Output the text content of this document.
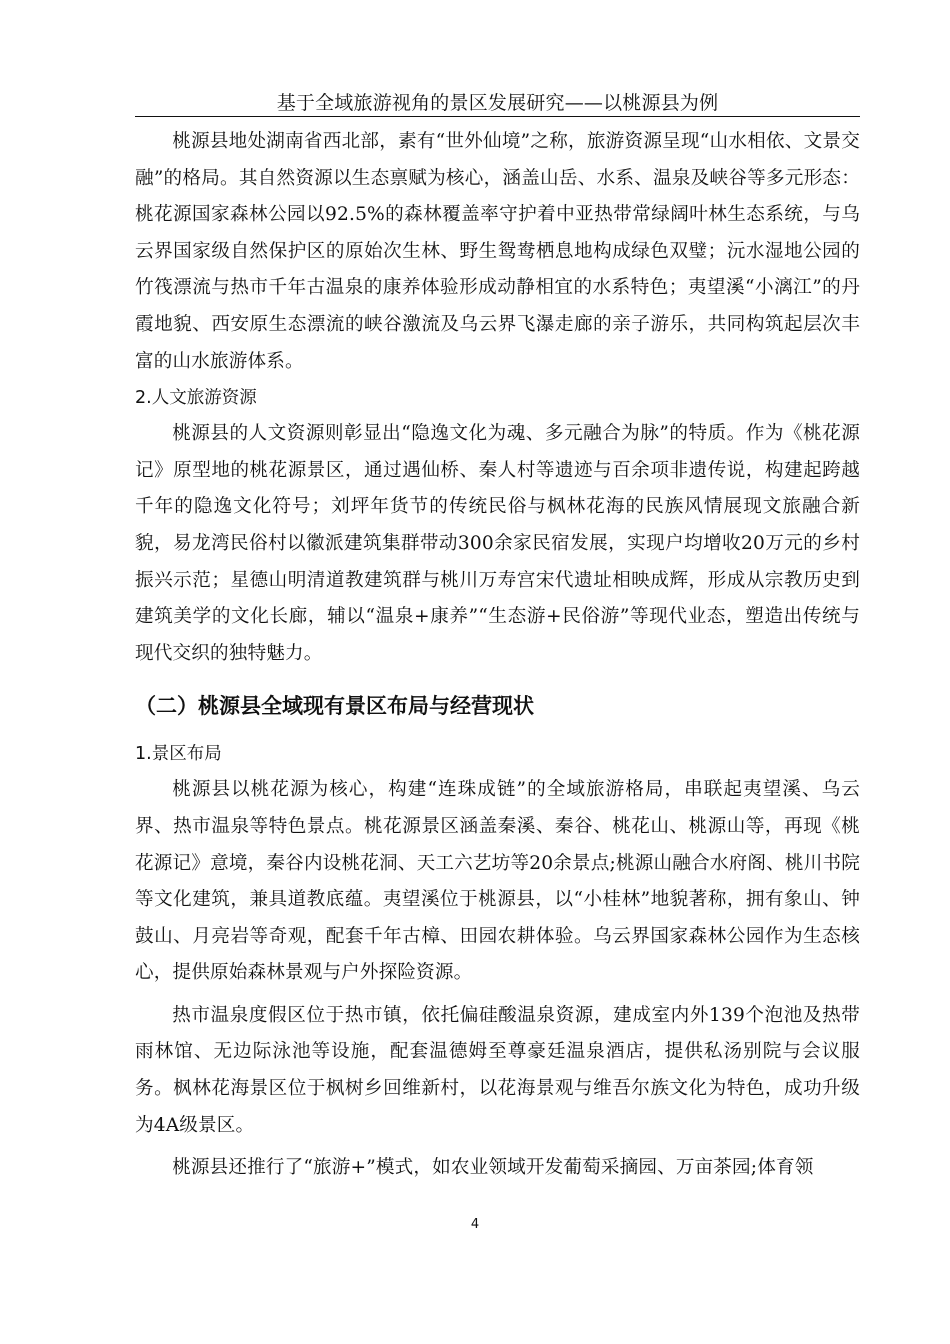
基于全域旅游视角的景区发展研究——以桃源县为例

桃源县地处湖南省西北部，素有“世外仙境”之称，旅游资源呈现“山水相依、文景交融”的格局。其自然资源以生态禀赋为核心，涵盖山岳、水系、温泉及峡谷等多元形态：桃花源国家森林公园以92.5%的森林覆盖率守护着中亚热带常绿阔叶林生态系统，与乌云界国家级自然保护区的原始次生林、野生鸳鸯栖息地构成绿色双璧；沅水湿地公园的竹筏漂流与热市千年古温泉的康养体验形成动静相宜的水系特色；夷望溪“小漓江”的丹霞地貌、西安原生态漂流的峡谷激流及乌云界飞瀑走廊的亲子游乐，共同构筑起层次丰富的山水旅游体系。

2.人文旅游资源

桃源县的人文资源则彰显出“隐逸文化为魂、多元融合为脉”的特质。作为《桃花源记》原型地的桃花源景区，通过遇仙桥、秦人村等遗迹与百余项非遗传说，构建起跨越千年的隐逸文化符号；刘坪年货节的传统民俗与枫林花海的民族风情展现文旅融合新貌，易龙湾民俗村以徽派建筑集群带动300余家民宿发展，实现户均增收20万元的乡村振兴示范；星德山明清道教建筑群与桃川万寿宫宋代遗址相映成辉，形成从宗教历史到建筑美学的文化长廊，辅以“温泉+康养”“生态游+民俗游”等现代业态，塑造出传统与现代交织的独特魅力。

（二）桃源县全域现有景区布局与经营现状
1.景区布局

桃源县以桃花源为核心，构建“连珠成链”的全域旅游格局，串联起夷望溪、乌云界、热市温泉等特色景点。桃花源景区涵盖秦溪、秦谷、桃花山、桃源山等，再现《桃花源记》意境，秦谷内设桃花洞、天工六艺坊等20余景点;桃源山融合水府阁、桃川书院等文化建筑，兼具道教底蕴。夷望溪位于桃源县，以“小桂林”地貌著称，拥有象山、钟鼓山、月亮岩等奇观，配套千年古樟、田园农耕体验。乌云界国家森林公园作为生态核心，提供原始森林景观与户外探险资源。

热市温泉度假区位于热市镇，依托偏硅酸温泉资源，建成室内外139个泡池及热带雨林馆、无边际泳池等设施，配套温德姆至尊豪廷温泉酒店，提供私汤别院与会议服务。枫林花海景区位于枫树乡回维新村，以花海景观与维吾尔族文化为特色，成功升级为4A级景区。

桃源县还推行了“旅游+”模式，如农业领域开发葡萄采摘园、万亩茶园;体育领

4
